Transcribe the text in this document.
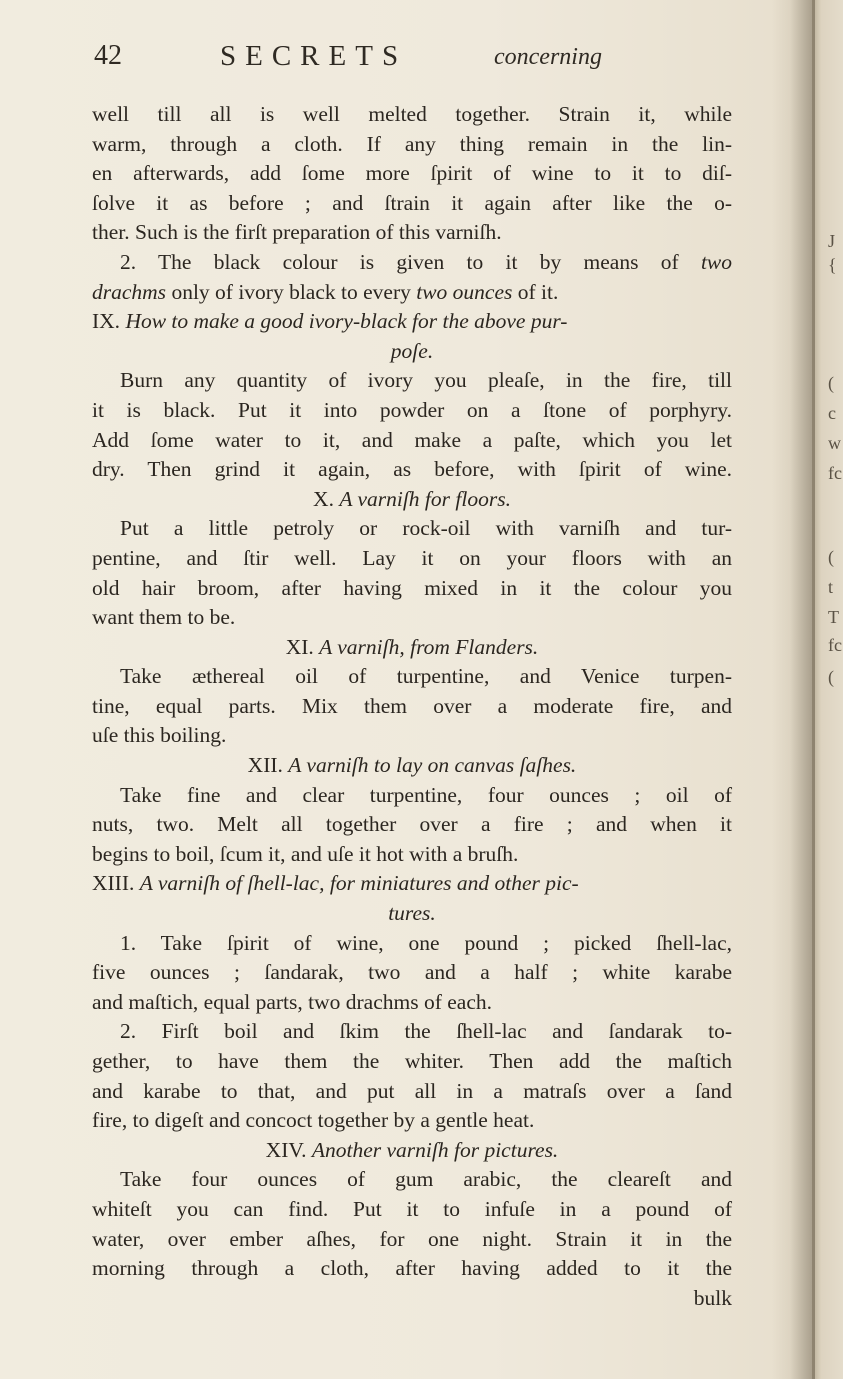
42	SECRETS	concerning
well till all is well melted together. Strain it, while
warm, through a cloth. If any thing remain in the lin-
en afterwards, add ſome more ſpirit of wine to it to diſ-
ſolve it as before ; and ſtrain it again after like the o-
ther. Such is the firſt preparation of this varniſh.
2. The black colour is given to it by means of two
drachms only of ivory black to every two ounces of it.
IX. How to make a good ivory-black for the above pur-
poſe.
Burn any quantity of ivory you pleaſe, in the fire, till
it is black. Put it into powder on a ſtone of porphyry.
Add ſome water to it, and make a paſte, which you let
dry. Then grind it again, as before, with ſpirit of wine.
X. A varniſh for floors.
Put a little petroly or rock-oil with varniſh and tur-
pentine, and ſtir well. Lay it on your floors with an
old hair broom, after having mixed in it the colour you
want them to be.
XI. A varniſh, from Flanders.
Take æthereal oil of turpentine, and Venice turpen-
tine, equal parts. Mix them over a moderate fire, and
uſe this boiling.
XII. A varniſh to lay on canvas ſaſhes.
Take fine and clear turpentine, four ounces ; oil of
nuts, two. Melt all together over a fire ; and when it
begins to boil, ſcum it, and uſe it hot with a bruſh.
XIII. A varniſh of ſhell-lac, for miniatures and other pic-
tures.
1. Take ſpirit of wine, one pound ; picked ſhell-lac,
five ounces ; ſandarak, two and a half ; white karabe
and maſtich, equal parts, two drachms of each.
2. Firſt boil and ſkim the ſhell-lac and ſandarak to-
gether, to have them the whiter. Then add the maſtich
and karabe to that, and put all in a matraſs over a ſand
fire, to digeſt and concoct together by a gentle heat.
XIV. Another varniſh for pictures.
Take four ounces of gum arabic, the cleareſt and
whiteſt you can find. Put it to infuſe in a pound of
water, over ember aſhes, for one night. Strain it in the
morning through a cloth, after having added to it the
bulk
J
{
(
c
w
fc
(
t
T
fc
(
